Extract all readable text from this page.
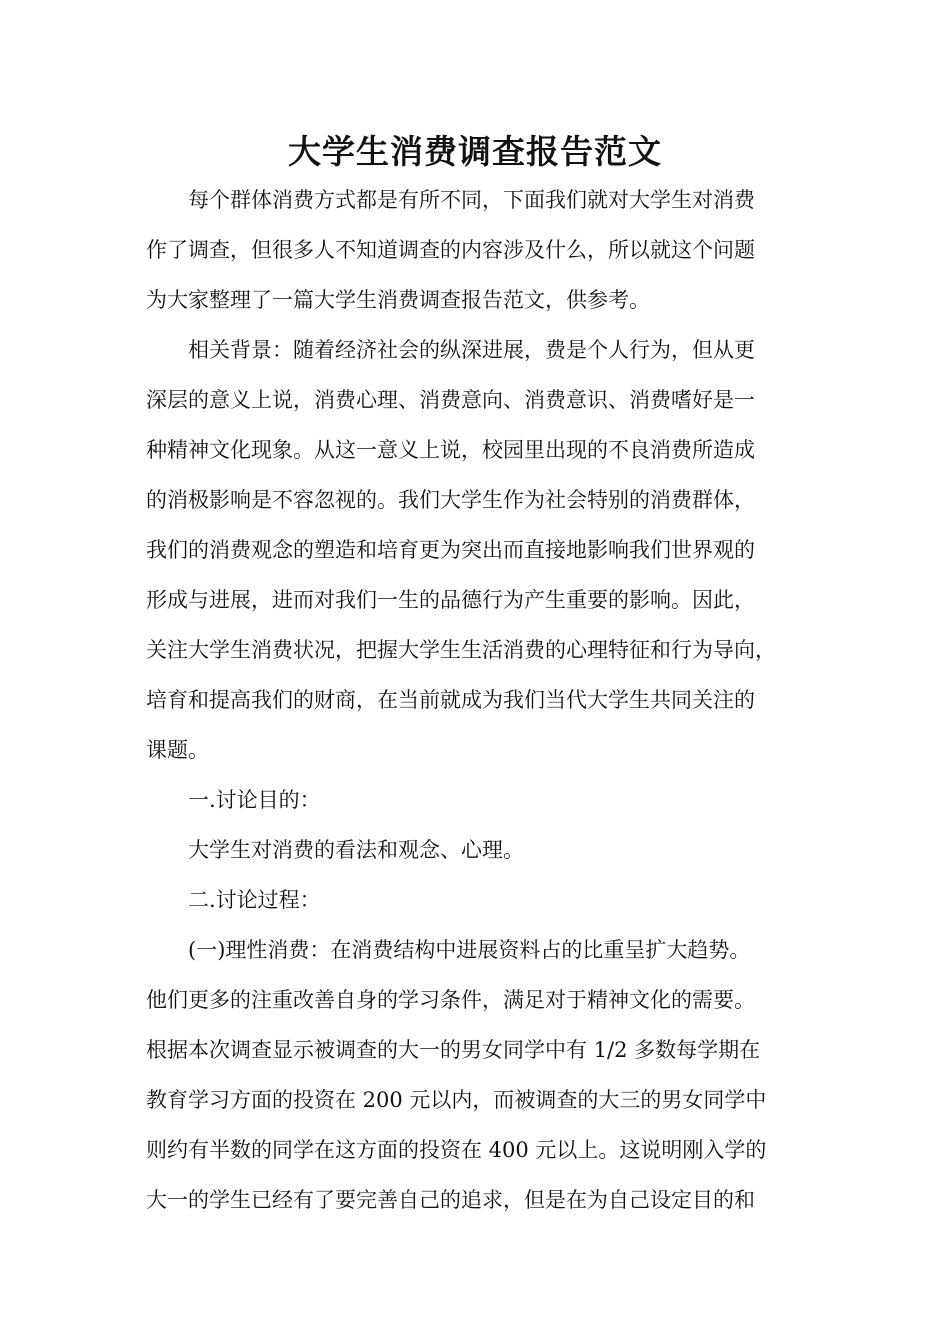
大学生消费调查报告范文
　　每个群体消费方式都是有所不同，下面我们就对大学生对消费
作了调查，但很多人不知道调查的内容涉及什么，所以就这个问题
为大家整理了一篇大学生消费调查报告范文，供参考。
　　相关背景：随着经济社会的纵深进展，费是个人行为，但从更
深层的意义上说，消费心理、消费意向、消费意识、消费嗜好是一
种精神文化现象。从这一意义上说，校园里出现的不良消费所造成
的消极影响是不容忽视的。我们大学生作为社会特别的消费群体，
我们的消费观念的塑造和培育更为突出而直接地影响我们世界观的
形成与进展，进而对我们一生的品德行为产生重要的影响。因此，
关注大学生消费状况，把握大学生生活消费的心理特征和行为导向，
培育和提高我们的财商，在当前就成为我们当代大学生共同关注的
课题。
　　一.讨论目的：
　　大学生对消费的看法和观念、心理。
　　二.讨论过程：
　　(一)理性消费：在消费结构中进展资料占的比重呈扩大趋势。
他们更多的注重改善自身的学习条件，满足对于精神文化的需要。
根据本次调查显示被调查的大一的男女同学中有 1/2 多数每学期在
教育学习方面的投资在 200 元以内，而被调查的大三的男女同学中
则约有半数的同学在这方面的投资在 400 元以上。这说明刚入学的
大一的学生已经有了要完善自己的追求，但是在为自己设定目的和
